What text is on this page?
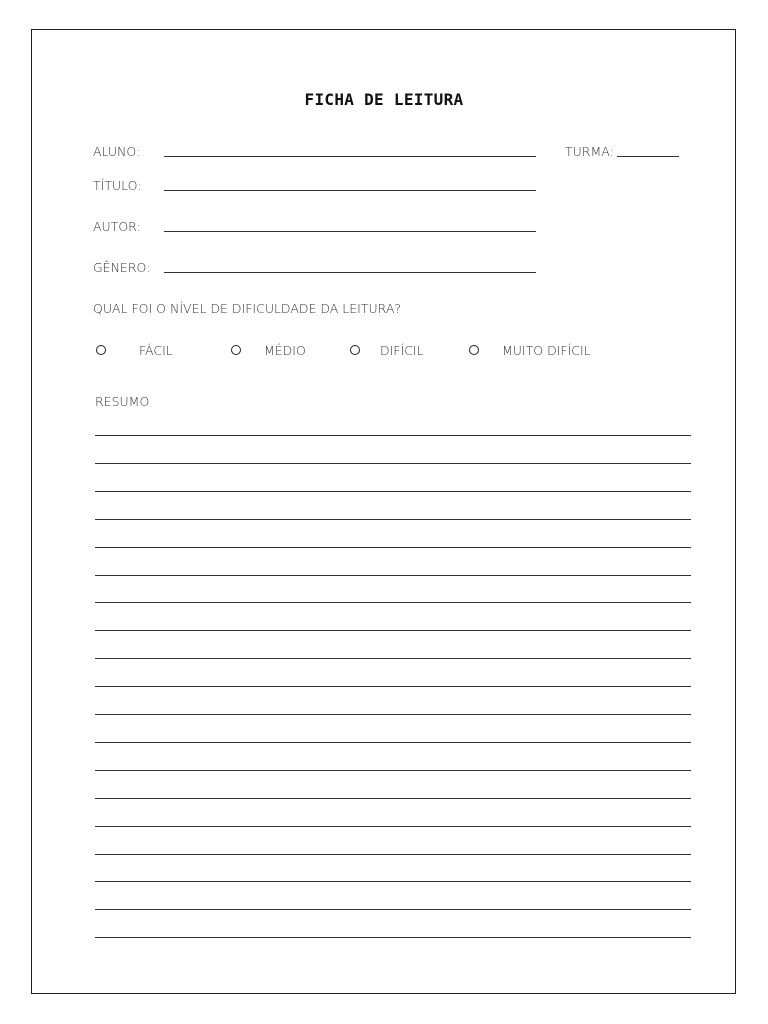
FICHA DE LEITURA
ALUNO:	TURMA:
TÍTULO:
AUTOR:
GÊNERO:
QUAL FOI O NÍVEL DE DIFICULDADE DA LEITURA?
FÁCIL	MÉDIO	DIFÍCIL	MUITO DIFÍCIL
RESUMO
